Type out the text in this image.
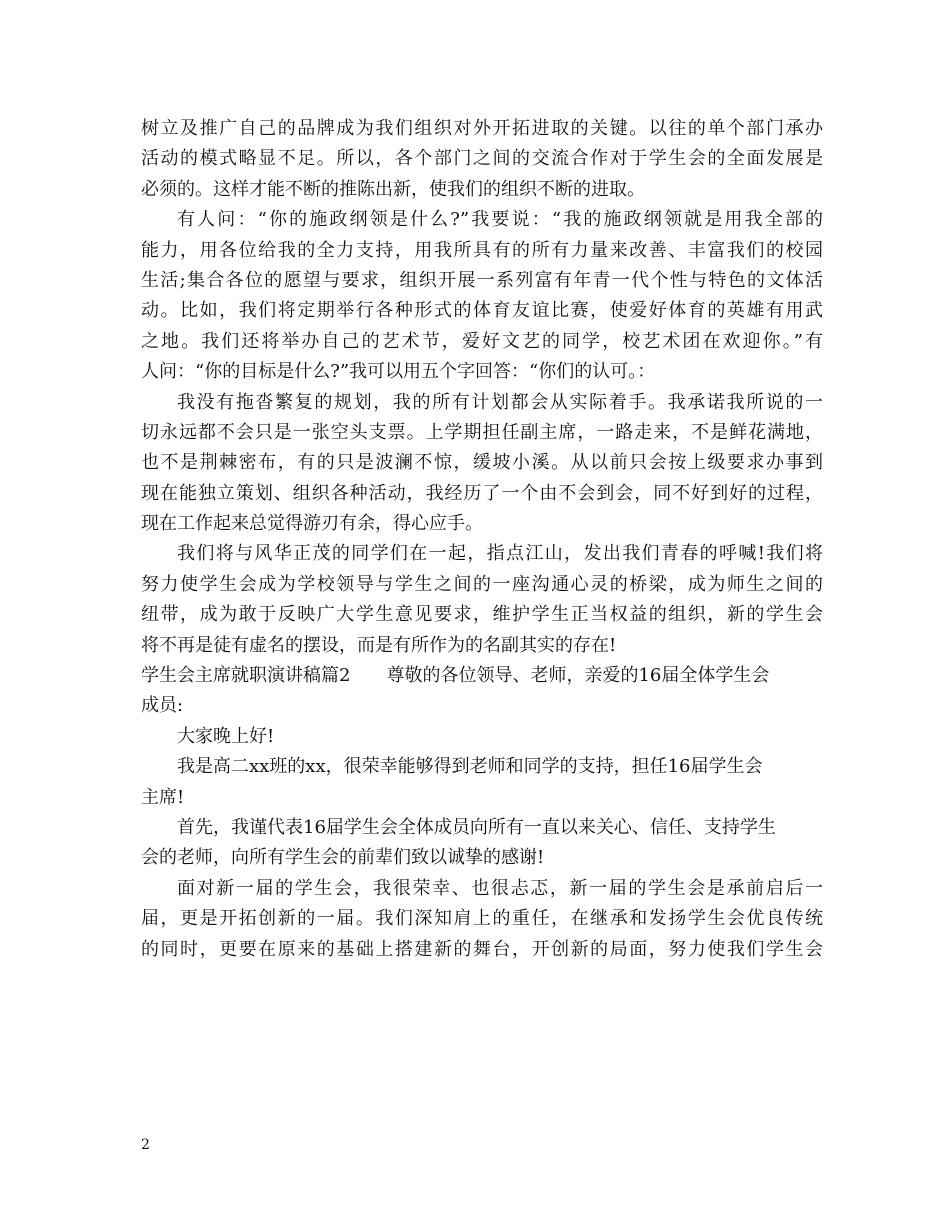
树立及推广自己的品牌成为我们组织对外开拓进取的关键。以往的单个部门承办
活动的模式略显不足。所以，各个部门之间的交流合作对于学生会的全面发展是
必须的。这样才能不断的推陈出新，使我们的组织不断的进取。
有人问：“你的施政纲领是什么?”我要说：“我的施政纲领就是用我全部的
能力，用各位给我的全力支持，用我所具有的所有力量来改善、丰富我们的校园
生活;集合各位的愿望与要求，组织开展一系列富有年青一代个性与特色的文体活
动。比如，我们将定期举行各种形式的体育友谊比赛，使爱好体育的英雄有用武
之地。我们还将举办自己的艺术节，爱好文艺的同学，校艺术团在欢迎你。”有
人问：“你的目标是什么?”我可以用五个字回答：“你们的认可。：
我没有拖沓繁复的规划，我的所有计划都会从实际着手。我承诺我所说的一
切永远都不会只是一张空头支票。上学期担任副主席，一路走来，不是鲜花满地，
也不是荆棘密布，有的只是波澜不惊，缓坡小溪。从以前只会按上级要求办事到
现在能独立策划、组织各种活动，我经历了一个由不会到会，同不好到好的过程，
现在工作起来总觉得游刃有余，得心应手。
我们将与风华正茂的同学们在一起，指点江山，发出我们青春的呼喊!我们将
努力使学生会成为学校领导与学生之间的一座沟通心灵的桥梁，成为师生之间的
纽带，成为敢于反映广大学生意见要求，维护学生正当权益的组织，新的学生会
将不再是徒有虚名的摆设，而是有所作为的名副其实的存在!
学生会主席就职演讲稿篇2 尊敬的各位领导、老师，亲爱的16届全体学生会
成员:
大家晚上好!
我是高二xx班的xx，很荣幸能够得到老师和同学的支持，担任16届学生会
主席!
首先，我谨代表16届学生会全体成员向所有一直以来关心、信任、支持学生
会的老师，向所有学生会的前辈们致以诚挚的感谢!
面对新一届的学生会，我很荣幸、也很忐忑，新一届的学生会是承前启后一
届，更是开拓创新的一届。我们深知肩上的重任，在继承和发扬学生会优良传统
的同时，更要在原来的基础上搭建新的舞台，开创新的局面，努力使我们学生会
2
